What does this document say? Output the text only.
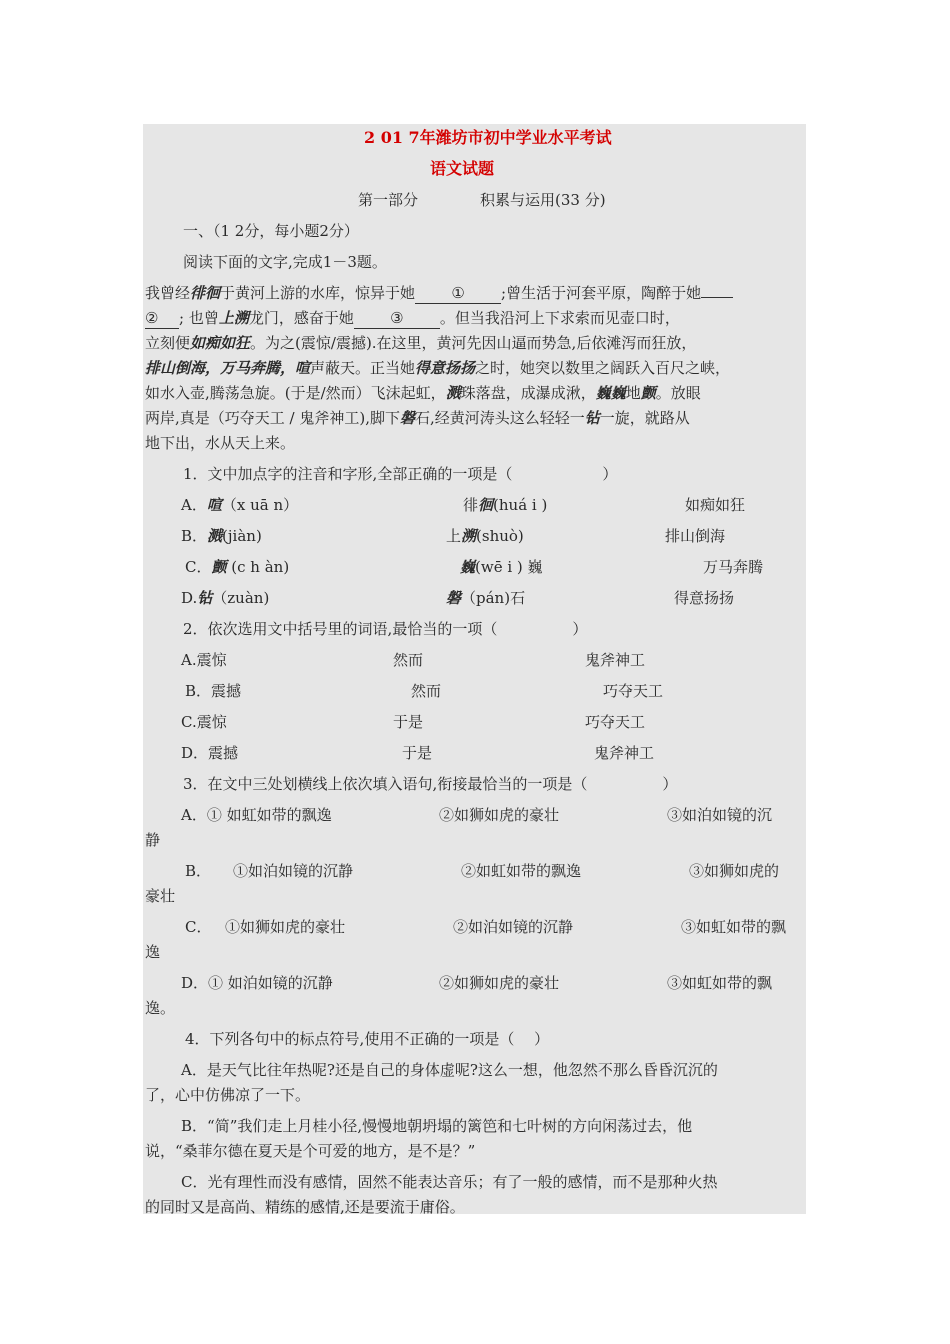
2 01 7年潍坊市初中学业水平考试
语文试题
第一部分	积累与运用(33 分)
一、（1 2分，每小题2分）
阅读下面的文字,完成1－3题。
我曾经徘徊于黄河上游的水库，惊异于她 ① ;曾生活于河套平原，陶醉于她
② ; 也曾上溯龙门，感奋于她 ③ 。但当我沿河上下求索而见壶口时，
立刻便如痴如狂。为之(震惊/震撼).在这里，黄河先因山逼而势急,后依滩泻而狂放，
排山倒海，万马奔腾，喧声蔽天。正当她得意扬扬之时，她突以数里之阔跃入百尺之峡，
如水入壶,腾荡急旋。(于是/然而）飞沫起虹，溅珠落盘，成瀑成湫，巍巍地颤。放眼
两岸,真是（巧夺天工 / 鬼斧神工),脚下磐石,经黄河涛头这么轻轻一钻一旋，就路从
地下出，水从天上来。
1．文中加点字的注音和字形,全部正确的一项是（　　　　　　）
A．喧（x uā n）	徘徊(huá i )	如痴如狂
B．溅(jiàn)	上溯(shuò)	排山倒海
C．颤 (c h àn)	巍(wē i ) 巍	万马奔腾
D.钻（zuàn)	磐（pán)石	得意扬扬
2．依次选用文中括号里的词语,最恰当的一项（　　　　　）
A.震惊	然而	鬼斧神工
B．震撼	然而	巧夺天工
C.震惊	于是	巧夺天工
D．震撼	于是	鬼斧神工
3．在文中三处划横线上依次填入语句,衔接最恰当的一项是（　　　　　）
A．① 如虹如带的飘逸	②如狮如虎的豪壮	③如泊如镜的沉
静
B． ①如泊如镜的沉静	②如虹如带的飘逸	③如狮如虎的
豪壮
C． ①如狮如虎的豪壮	②如泊如镜的沉静	③如虹如带的飘
逸
D．① 如泊如镜的沉静	②如狮如虎的豪壮	③如虹如带的飘
逸。
4．下列各句中的标点符号,使用不正确的一项是（　 ）
A．是天气比往年热呢?还是自己的身体虚呢?这么一想，他忽然不那么昏昏沉沉的
了，心中仿佛凉了一下。
B．“简”我们走上月桂小径,慢慢地朝坍塌的篱笆和七叶树的方向闲荡过去，他
说，“桑菲尔德在夏天是个可爱的地方，是不是？”
C．光有理性而没有感情，固然不能表达音乐；有了一般的感情，而不是那种火热
的同时又是高尚、精练的感情,还是要流于庸俗。
